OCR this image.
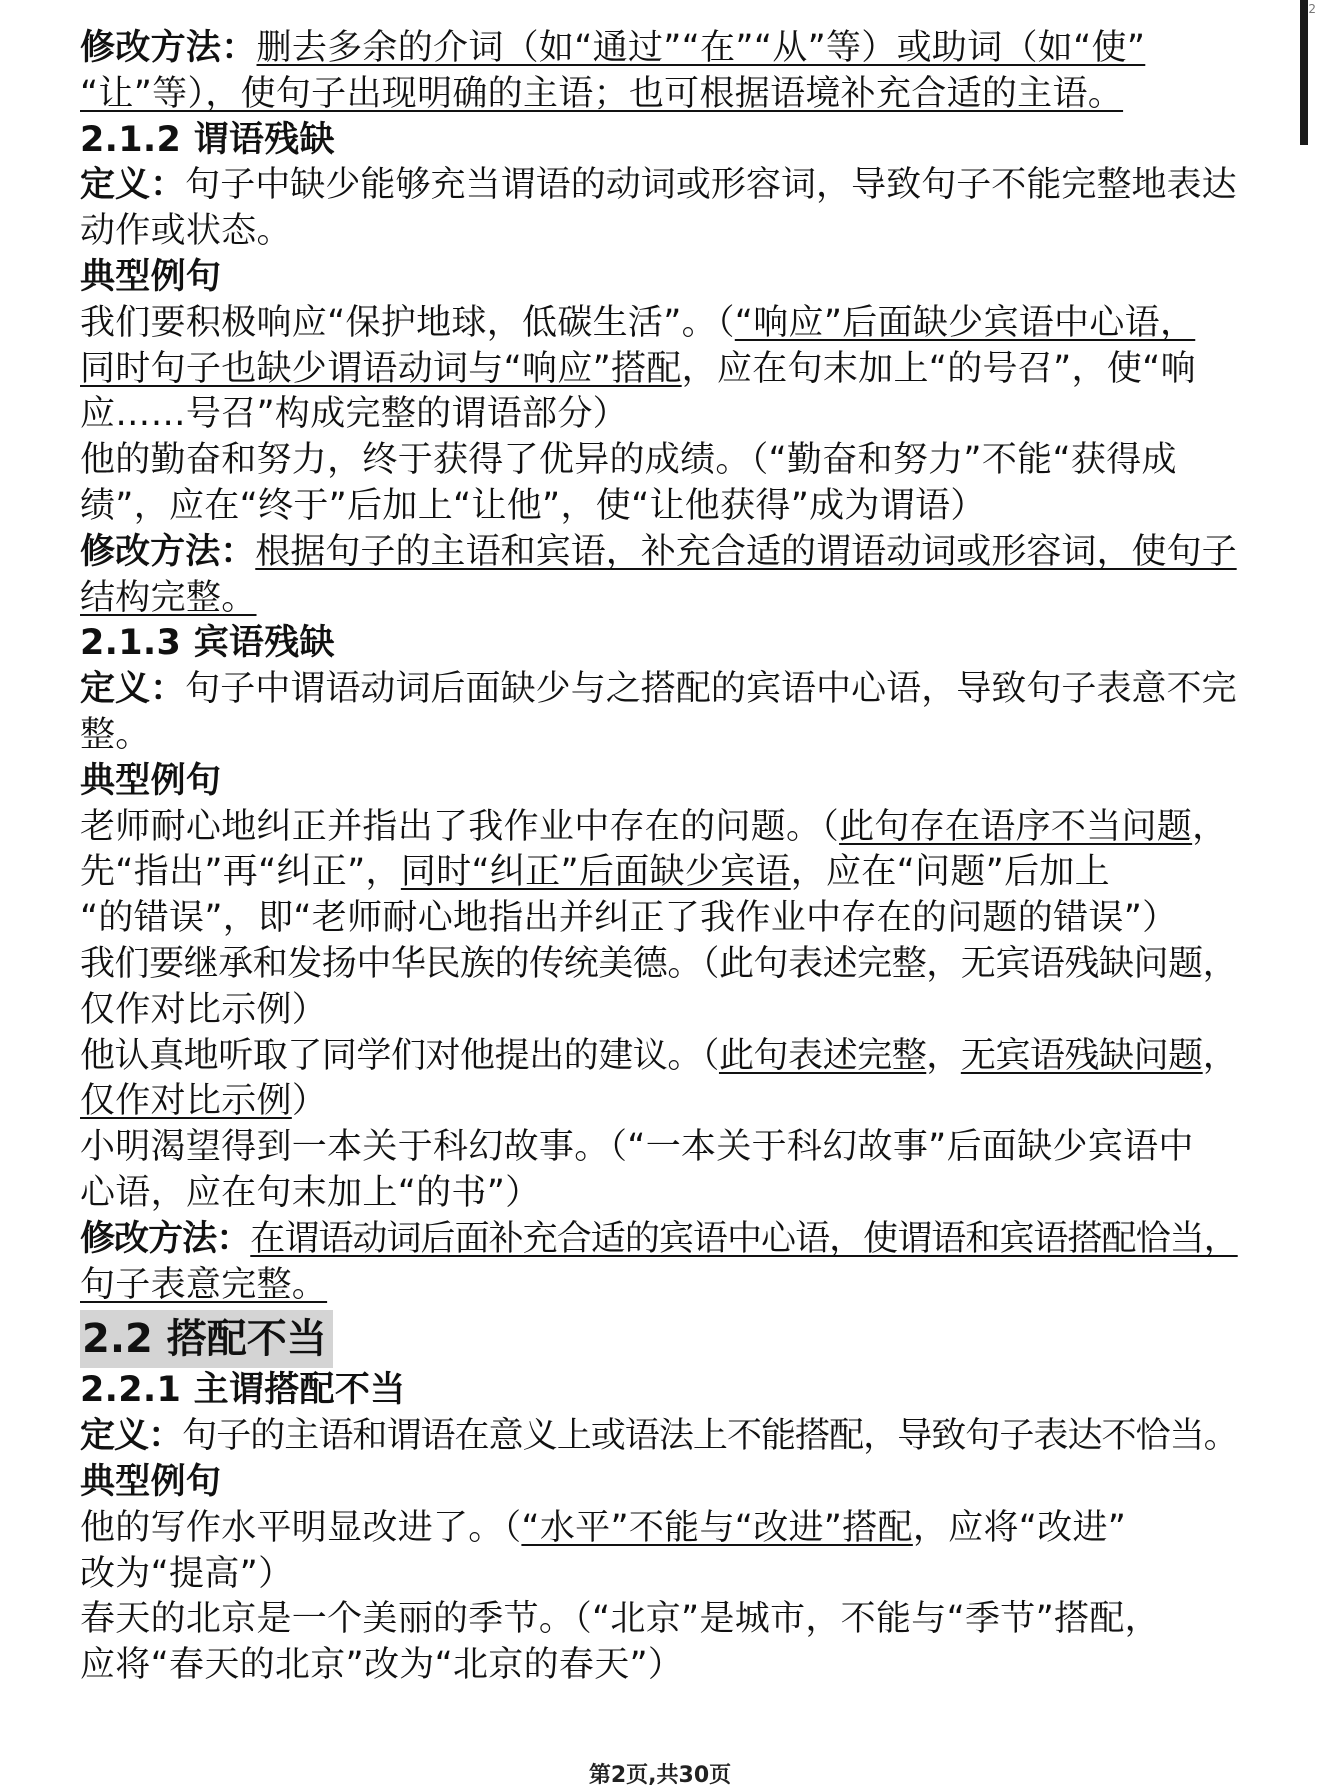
2
修改方法：删去多余的介词（如“通过”“在”“从”等）或助词（如“使”
“让”等），使句子出现明确的主语；也可根据语境补充合适的主语。
2.1.2 谓语残缺
定义：句子中缺少能够充当谓语的动词或形容词，导致句子不能完整地表达
动作或状态。
典型例句
我们要积极响应“保护地球，低碳生活”。（“响应”后面缺少宾语中心语，
同时句子也缺少谓语动词与“响应”搭配，应在句末加上“的号召”，使“响
应……号召”构成完整的谓语部分）
他的勤奋和努力，终于获得了优异的成绩。（“勤奋和努力”不能“获得成
绩”，应在“终于”后加上“让他”，使“让他获得”成为谓语）
修改方法：根据句子的主语和宾语，补充合适的谓语动词或形容词，使句子
结构完整。
2.1.3 宾语残缺
定义：句子中谓语动词后面缺少与之搭配的宾语中心语，导致句子表意不完
整。
典型例句
老师耐心地纠正并指出了我作业中存在的问题。（此句存在语序不当问题，
先“指出”再“纠正”，同时“纠正”后面缺少宾语，应在“问题”后加上
“的错误”，即“老师耐心地指出并纠正了我作业中存在的问题的错误”）
我们要继承和发扬中华民族的传统美德。（此句表述完整，无宾语残缺问题，
仅作对比示例）
他认真地听取了同学们对他提出的建议。（此句表述完整，无宾语残缺问题，
仅作对比示例）
小明渴望得到一本关于科幻故事。（“一本关于科幻故事”后面缺少宾语中
心语，应在句末加上“的书”）
修改方法：在谓语动词后面补充合适的宾语中心语，使谓语和宾语搭配恰当，
句子表意完整。
2.2 搭配不当
2.2.1 主谓搭配不当
定义：句子的主语和谓语在意义上或语法上不能搭配，导致句子表达不恰当。
典型例句
他的写作水平明显改进了。（“水平”不能与“改进”搭配，应将“改进”
改为“提高”）
春天的北京是一个美丽的季节。（“北京”是城市，不能与“季节”搭配，
应将“春天的北京”改为“北京的春天”）
第2页,共30页
